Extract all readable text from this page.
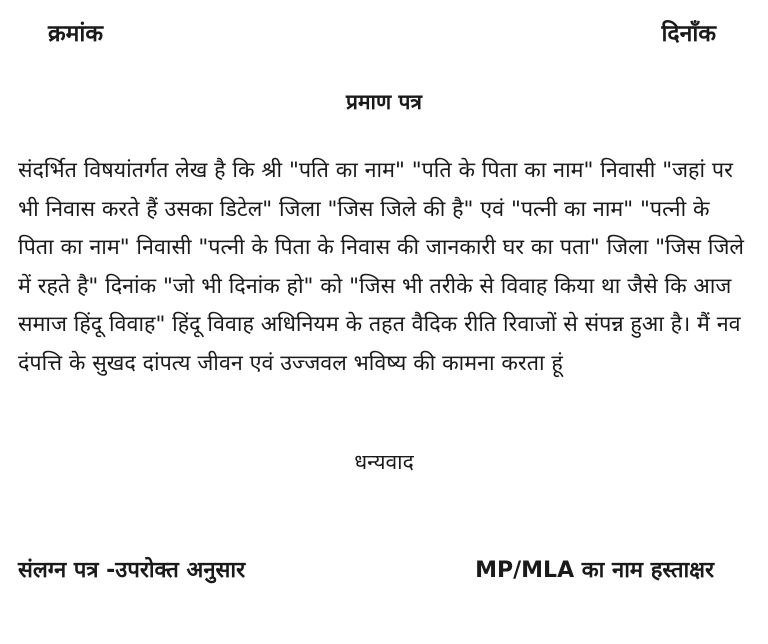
क्रमांक	दिनाँक
प्रमाण पत्र
संदर्भित विषयांतर्गत लेख है कि श्री "पति का नाम" "पति के पिता का नाम" निवासी "जहां पर भी निवास करते हैं उसका डिटेल" जिला "जिस जिले की है" एवं "पत्नी का नाम" "पत्नी के पिता का नाम" निवासी "पत्नी के पिता के निवास की जानकारी घर का पता" जिला "जिस जिले में रहते है" दिनांक "जो भी दिनांक हो" को "जिस भी तरीके से विवाह किया था जैसे कि आज समाज हिंदू विवाह" हिंदू विवाह अधिनियम के तहत वैदिक रीति रिवाजों से संपन्न हुआ है। मैं नव दंपत्ति के सुखद दांपत्य जीवन एवं उज्जवल भविष्य की कामना करता हूं
धन्यवाद
संलग्न पत्र -उपरोक्त अनुसार	MP/MLA का नाम हस्ताक्षर
